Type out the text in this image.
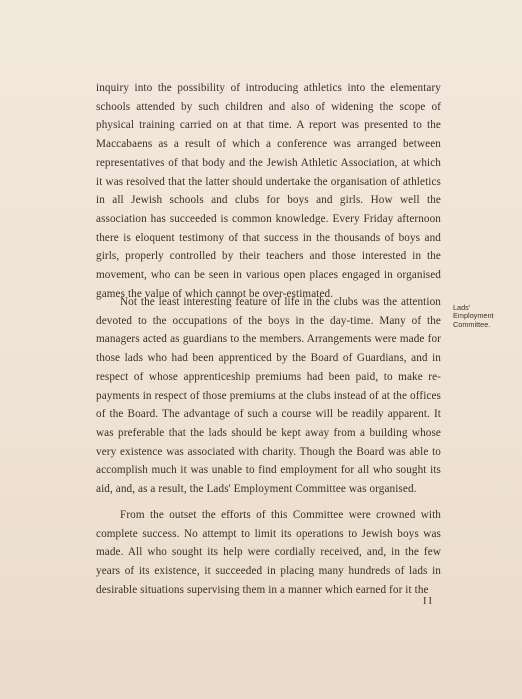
inquiry into the possibility of introducing athletics into the elementary schools attended by such children and also of widening the scope of physical training carried on at that time. A report was presented to the Maccabaens as a result of which a conference was arranged between representatives of that body and the Jewish Athletic Association, at which it was resolved that the latter should undertake the organisation of athletics in all Jewish schools and clubs for boys and girls. How well the association has succeeded is common knowledge. Every Friday afternoon there is eloquent testimony of that success in the thousands of boys and girls, properly controlled by their teachers and those interested in the movement, who can be seen in various open places engaged in organised games the value of which cannot be over-estimated.

Not the least interesting feature of life in the clubs was the attention devoted to the occupations of the boys in the day-time. Many of the managers acted as guardians to the members. Arrangements were made for those lads who had been apprenticed by the Board of Guardians, and in respect of whose apprenticeship premiums had been paid, to make re-payments in respect of those premiums at the clubs instead of at the offices of the Board. The advantage of such a course will be readily apparent. It was preferable that the lads should be kept away from a building whose very existence was associated with charity. Though the Board was able to accomplish much it was unable to find employment for all who sought its aid, and, as a result, the Lads' Employment Committee was organised.

From the outset the efforts of this Committee were crowned with complete success. No attempt to limit its operations to Jewish boys was made. All who sought its help were cordially received, and, in the few years of its existence, it succeeded in placing many hundreds of lads in desirable situations supervising them in a manner which earned for it the

Lads'
Employment
Committee.
II
